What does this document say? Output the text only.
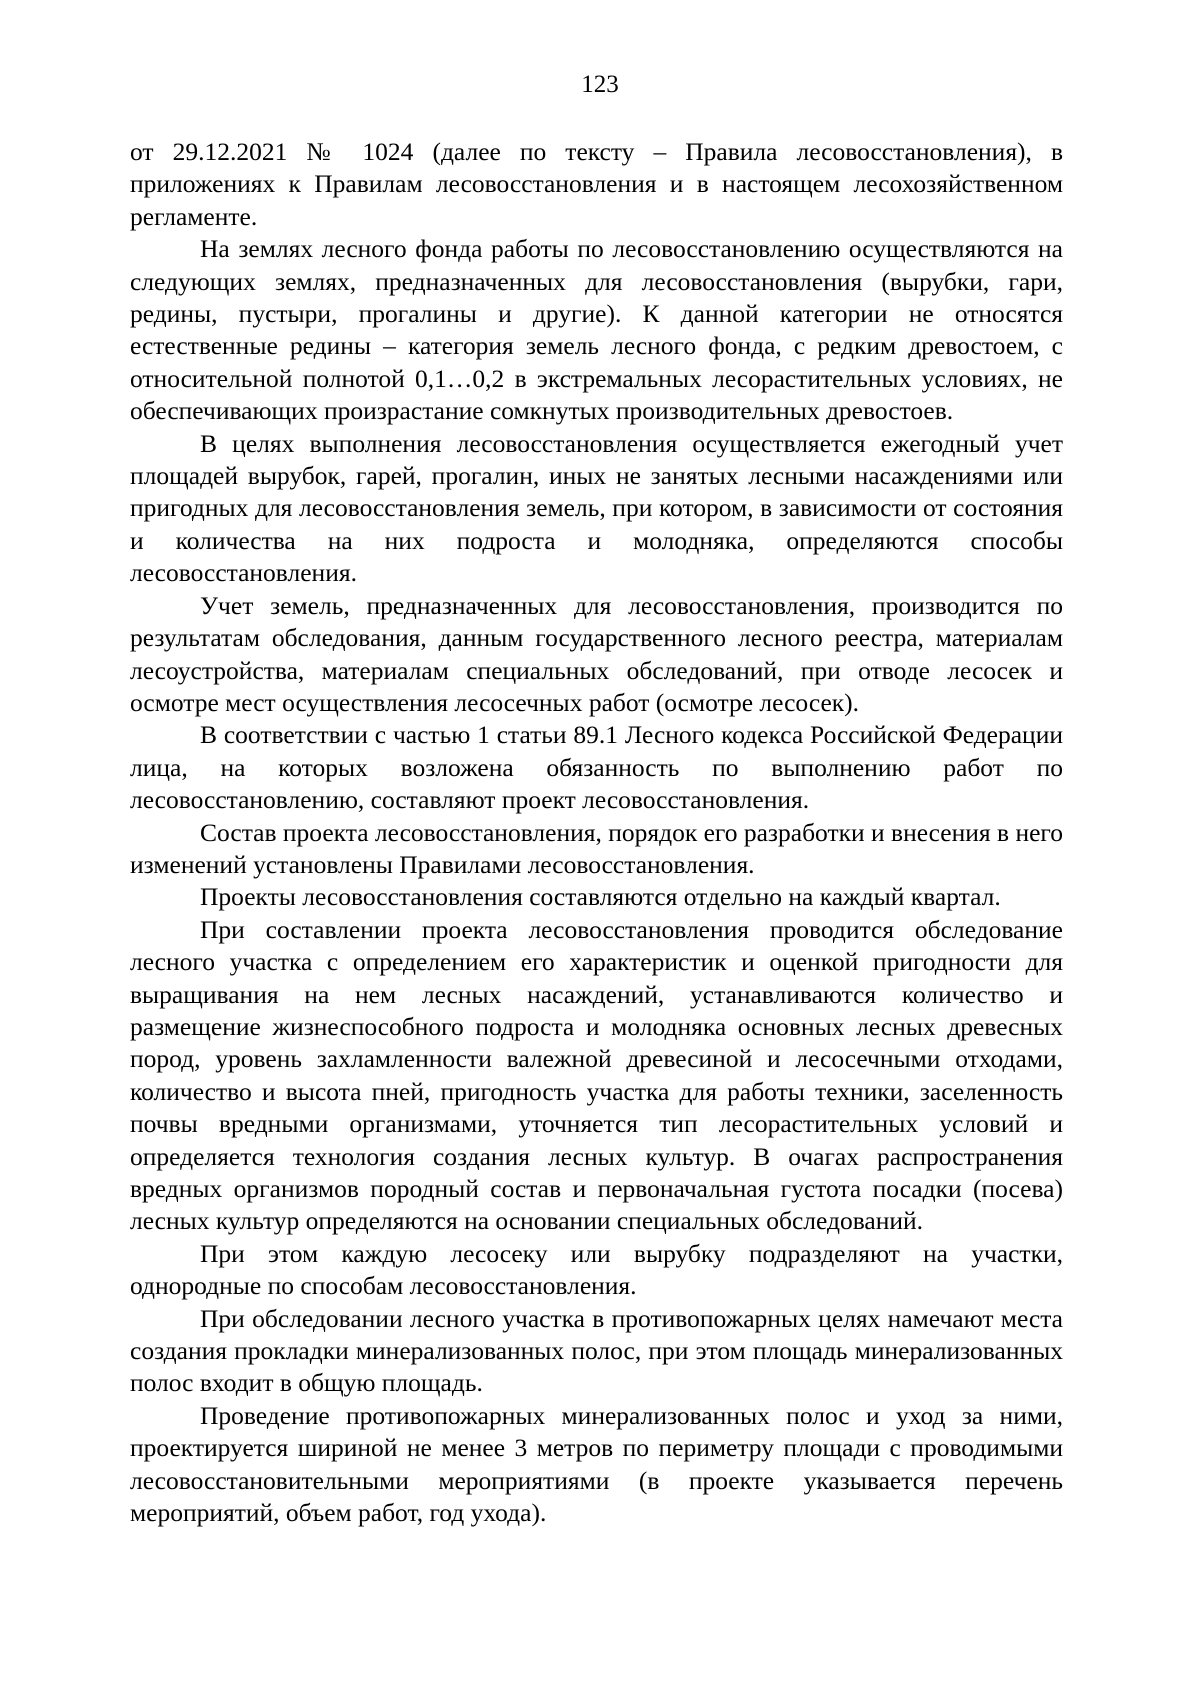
123

от 29.12.2021 № 1024 (далее по тексту – Правила лесовосстановления), в приложениях к Правилам лесовосстановления и в настоящем лесохозяйственном регламенте.

На землях лесного фонда работы по лесовосстановлению осуществляются на следующих землях, предназначенных для лесовосстановления (вырубки, гари, редины, пустыри, прогалины и другие). К данной категории не относятся естественные редины – категория земель лесного фонда, с редким древостоем, с относительной полнотой 0,1…0,2 в экстремальных лесорастительных условиях, не обеспечивающих произрастание сомкнутых производительных древостоев.

В целях выполнения лесовосстановления осуществляется ежегодный учет площадей вырубок, гарей, прогалин, иных не занятых лесными насаждениями или пригодных для лесовосстановления земель, при котором, в зависимости от состояния и количества на них подроста и молодняка, определяются способы лесовосстановления.

Учет земель, предназначенных для лесовосстановления, производится по результатам обследования, данным государственного лесного реестра, материалам лесоустройства, материалам специальных обследований, при отводе лесосек и осмотре мест осуществления лесосечных работ (осмотре лесосек).

В соответствии с частью 1 статьи 89.1 Лесного кодекса Российской Федерации лица, на которых возложена обязанность по выполнению работ по лесовосстановлению, составляют проект лесовосстановления.

Состав проекта лесовосстановления, порядок его разработки и внесения в него изменений установлены Правилами лесовосстановления.

Проекты лесовосстановления составляются отдельно на каждый квартал.

При составлении проекта лесовосстановления проводится обследование лесного участка с определением его характеристик и оценкой пригодности для выращивания на нем лесных насаждений, устанавливаются количество и размещение жизнеспособного подроста и молодняка основных лесных древесных пород, уровень захламленности валежной древесиной и лесосечными отходами, количество и высота пней, пригодность участка для работы техники, заселенность почвы вредными организмами, уточняется тип лесорастительных условий и определяется технология создания лесных культур. В очагах распространения вредных организмов породный состав и первоначальная густота посадки (посева) лесных культур определяются на основании специальных обследований.

При этом каждую лесосеку или вырубку подразделяют на участки, однородные по способам лесовосстановления.

При обследовании лесного участка в противопожарных целях намечают места создания прокладки минерализованных полос, при этом площадь минерализованных полос входит в общую площадь.

Проведение противопожарных минерализованных полос и уход за ними, проектируется шириной не менее 3 метров по периметру площади с проводимыми лесовосстановительными мероприятиями (в проекте указывается перечень мероприятий, объем работ, год ухода).
